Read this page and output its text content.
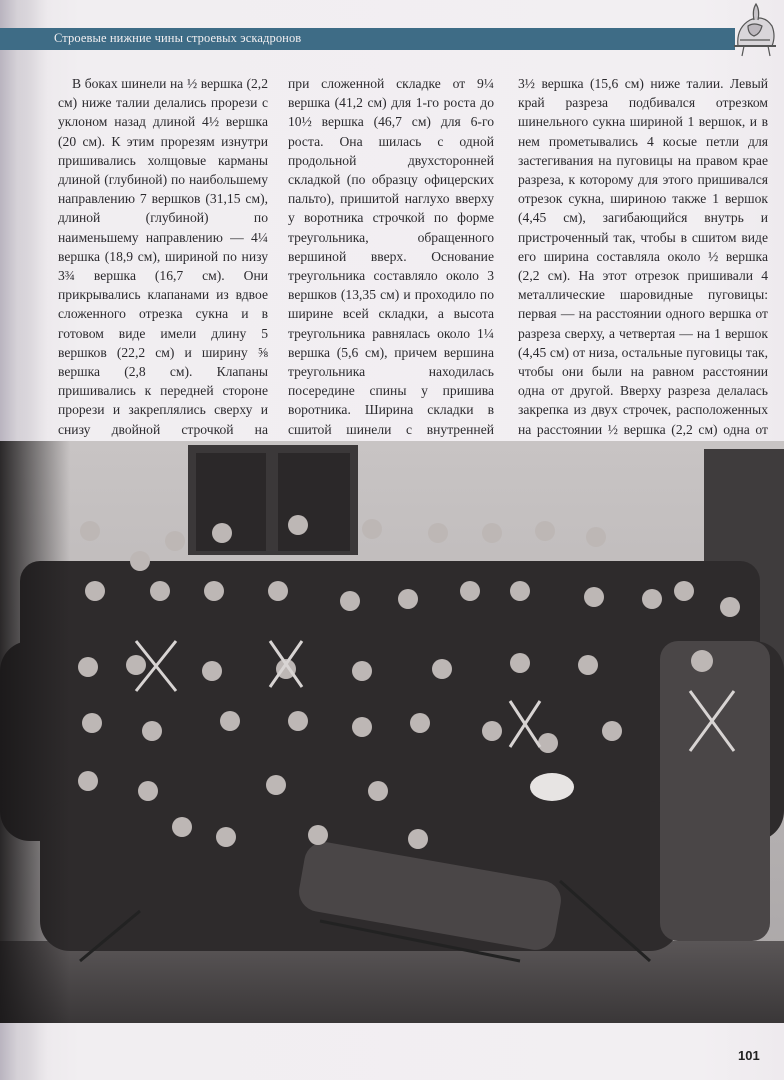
Строевые нижние чины строевых эскадронов

В боках шинели на ½ вершка (2,2 см) ниже талии делались прорези с уклоном назад длиной 4½ вершка (20 см). К этим прорезям изнутри пришивались холщовые карманы длиной (глубиной) по наибольшему направлению 7 вершков (31,15 см), длиной (глубиной) по наименьшему направлению — 4¼ вершка (18,9 см), шириной по низу 3¾ вершка (16,7 см). Они прикрывались клапанами из вдвое сложенного отрезка сукна и в готовом виде имели длину 5 вершков (22,2 см) и ширину ⅝ вершка (2,8 см). Клапаны пришивались к передней стороне прорези и закреплялись сверху и снизу двойной строчкой на

при сложенной складке от 9¼ вершка (41,2 см) для 1-го роста до 10½ вершка (46,7 см) для 6-го роста. Она шилась с одной продольной двухсторонней складкой (по образцу офицерских пальто), пришитой наглухо вверху у воротника строчкой по форме треугольника, обращенного вершиной вверх. Основание треугольника составляло около 3 вершков (13,35 см) и проходило по ширине всей складки, а высота треугольника равнялась около 1¼ вершка (5,6 см), причем вершина треугольника находилась посередине спины у пришива воротника. Ширина складки в сшитой шинели с внутренней

3½ вершка (15,6 см) ниже талии. Левый край разреза подбивался отрезком шинельного сукна шириной 1 вершок, и в нем прометывались 4 косые петли для застегивания на пуговицы на правом крае разреза, к которому для этого пришивался отрезок сукна, шириною также 1 вершок (4,45 см), загибающийся внутрь и пристроченный так, чтобы в сшитом виде его ширина составляла около ½ вершка (2,2 см). На этот отрезок пришивали 4 металлические шаровидные пуговицы: первая — на расстоянии одного вершка от разреза сверху, а четвертая — на 1 вершок (4,45 см) от низа, остальные пуговицы так, чтобы они были на равном расстоянии одна от другой. Вверху разреза делалась закрепка из двух строчек, расположенных на расстоянии ½ вершка (2,2 см) одна от

101
